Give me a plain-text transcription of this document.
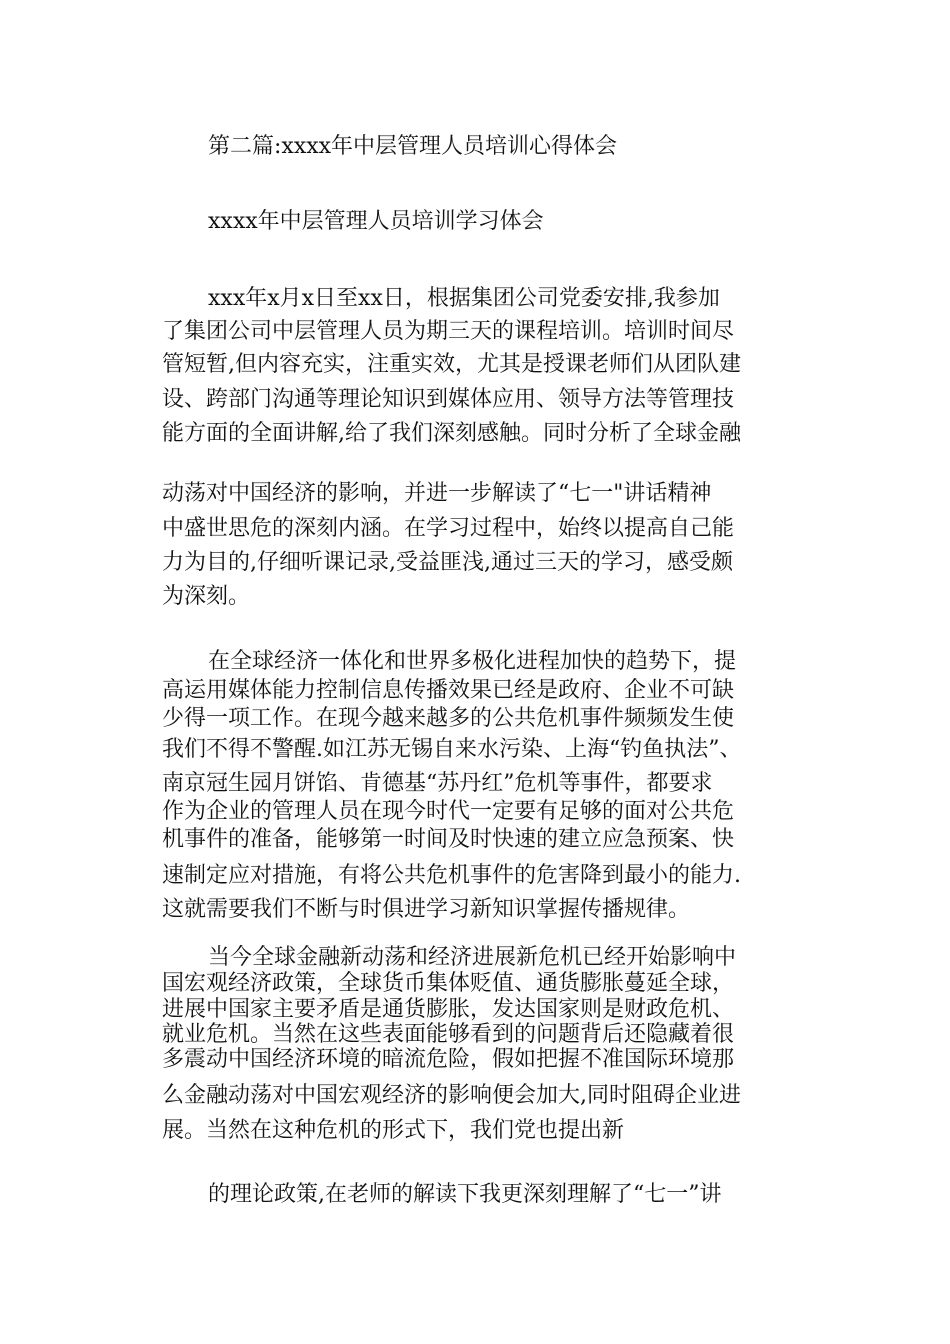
第二篇:xxxx年中层管理人员培训心得体会

xxxx年中层管理人员培训学习体会

xxx年x月x日至xx日，根据集团公司党委安排,我参加

了集团公司中层管理人员为期三天的课程培训。培训时间尽

管短暂,但内容充实，注重实效，尤其是授课老师们从团队建

设、跨部门沟通等理论知识到媒体应用、领导方法等管理技

能方面的全面讲解,给了我们深刻感触。同时分析了全球金融

动荡对中国经济的影响，并进一步解读了“七一"讲话精神

中盛世思危的深刻内涵。在学习过程中，始终以提高自己能

力为目的,仔细听课记录,受益匪浅,通过三天的学习，感受颇

为深刻。

在全球经济一体化和世界多极化进程加快的趋势下，提

高运用媒体能力控制信息传播效果已经是政府、企业不可缺

少得一项工作。在现今越来越多的公共危机事件频频发生使

我们不得不警醒.如江苏无锡自来水污染、上海“钓鱼执法”、

南京冠生园月饼馅、肯德基“苏丹红”危机等事件，都要求

作为企业的管理人员在现今时代一定要有足够的面对公共危

机事件的准备，能够第一时间及时快速的建立应急预案、快

速制定应对措施，有将公共危机事件的危害降到最小的能力.

这就需要我们不断与时俱进学习新知识掌握传播规律。

当今全球金融新动荡和经济进展新危机已经开始影响中

国宏观经济政策，全球货币集体贬值、通货膨胀蔓延全球，

进展中国家主要矛盾是通货膨胀，发达国家则是财政危机、

就业危机。当然在这些表面能够看到的问题背后还隐藏着很

多震动中国经济环境的暗流危险，假如把握不准国际环境那

么金融动荡对中国宏观经济的影响便会加大,同时阻碍企业进

展。当然在这种危机的形式下，我们党也提出新

的理论政策,在老师的解读下我更深刻理解了“七一”讲
